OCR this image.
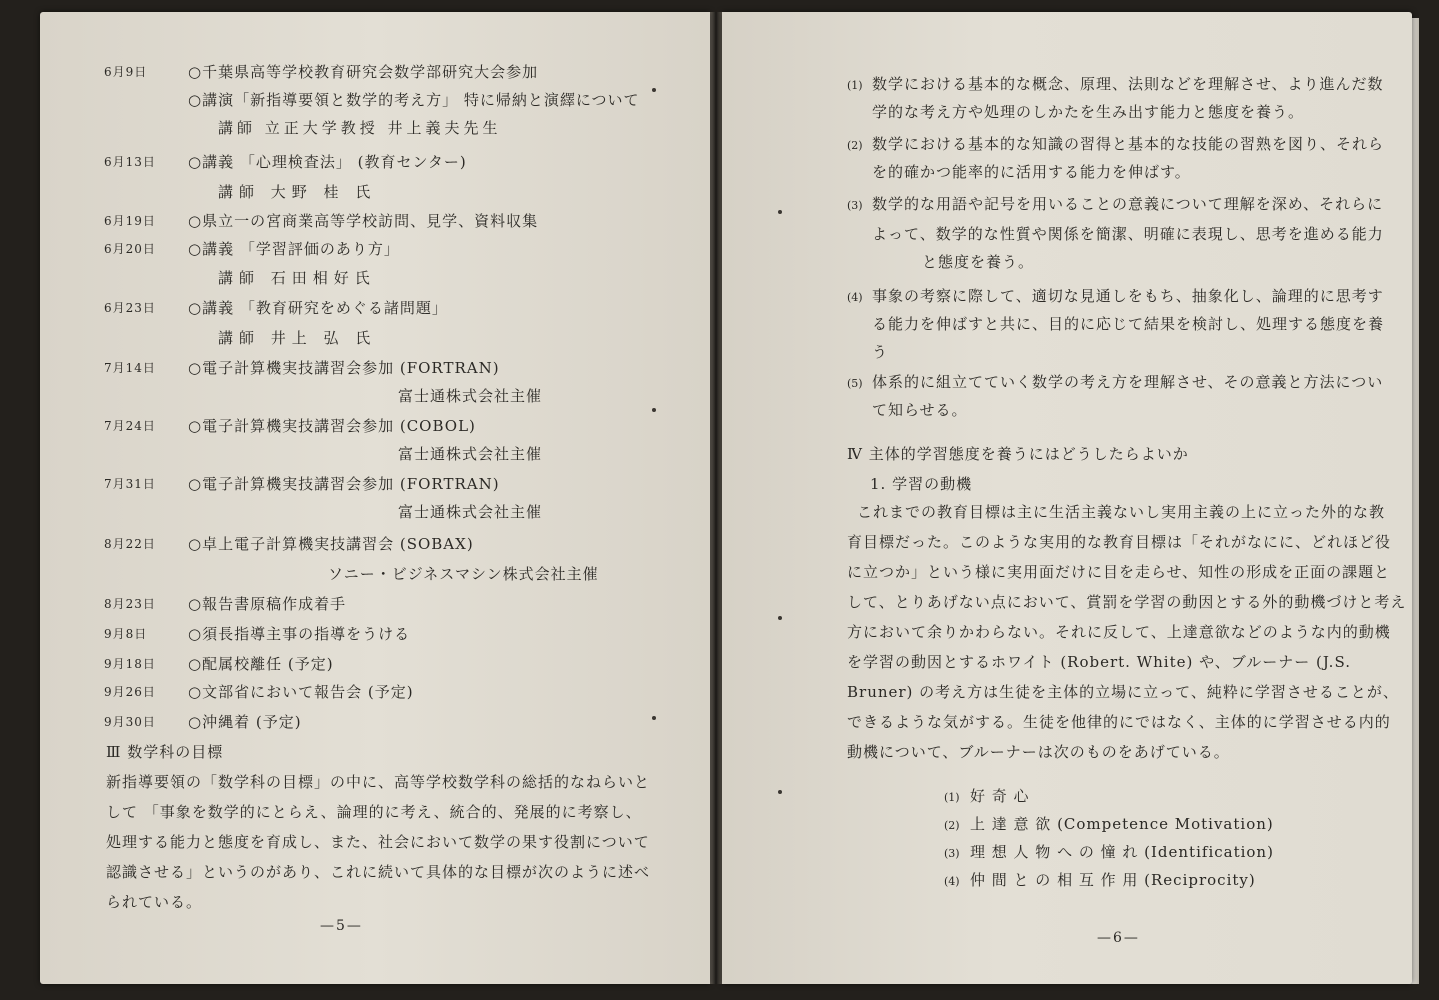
6月9日	○千葉県高等学校教育研究会数学部研究大会参加
○講演「新指導要領と数学的考え方」 特に帰納と演繹について
講師 立正大学教授 井上義夫先生
6月13日 ○講義 「心理検査法」 (教育センター)
講師 大野 桂 氏
6月19日 ○県立一の宮商業高等学校訪問、見学、資料収集
6月20日 ○講義 「学習評価のあり方」
講師 石田相好氏
6月23日 ○講義 「教育研究をめぐる諸問題」
講師 井上 弘 氏
7月14日 ○電子計算機実技講習会参加 (FORTRAN)
富士通株式会社主催
7月24日 ○電子計算機実技講習会参加 (COBOL)
富士通株式会社主催
7月31日 ○電子計算機実技講習会参加 (FORTRAN)
富士通株式会社主催
8月22日 ○卓上電子計算機実技講習会 (SOBAX)
ソニー・ビジネスマシン株式会社主催
8月23日 ○報告書原稿作成着手
9月8日	○須長指導主事の指導をうける
9月18日 ○配属校離任 (予定)
9月26日 ○文部省において報告会 (予定)
9月30日 ○沖縄着 (予定)
Ⅲ 数学科の目標
新指導要領の「数学科の目標」の中に、高等学校数学科の総括的なねらいと
して 「事象を数学的にとらえ、論理的に考え、統合的、発展的に考察し、
処理する能力と態度を育成し、また、社会において数学の果す役割について
認識させる」というのがあり、これに続いて具体的な目標が次のように述べ
られている。
—5—
(1) 数学における基本的な概念、原理、法則などを理解させ、より進んだ数
学的な考え方や処理のしかたを生み出す能力と態度を養う。
(2) 数学における基本的な知識の習得と基本的な技能の習熟を図り、それら
を的確かつ能率的に活用する能力を伸ばす。
(3) 数学的な用語や記号を用いることの意義について理解を深め、それらに
よって、数学的な性質や関係を簡潔、明確に表現し、思考を進める能力
と態度を養う。
(4) 事象の考察に際して、適切な見通しをもち、抽象化し、論理的に思考す
る能力を伸ばすと共に、目的に応じて結果を検討し、処理する態度を養
う
(5) 体系的に組立てていく数学の考え方を理解させ、その意義と方法につい
て知らせる。
Ⅳ 主体的学習態度を養うにはどうしたらよいか
1. 学習の動機
これまでの教育目標は主に生活主義ないし実用主義の上に立った外的な教
育目標だった。このような実用的な教育目標は「それがなにに、どれほど役
に立つか」という様に実用面だけに目を走らせ、知性の形成を正面の課題と
して、とりあげない点において、賞罰を学習の動因とする外的動機づけと考え
方において余りかわらない。それに反して、上達意欲などのような内的動機
を学習の動因とするホワイト (Robert. White) や、ブルーナー (J.S.
Bruner) の考え方は生徒を主体的立場に立って、純粋に学習させることが、
できるような気がする。生徒を他律的にではなく、主体的に学習させる内的
動機について、ブルーナーは次のものをあげている。
(1) 好 奇 心
(2) 上 達 意 欲 (Competence Motivation)
(3) 理 想 人 物 へ の 憧 れ (Identification)
(4) 仲 間 と の 相 互 作 用 (Reciprocity)
—6—
